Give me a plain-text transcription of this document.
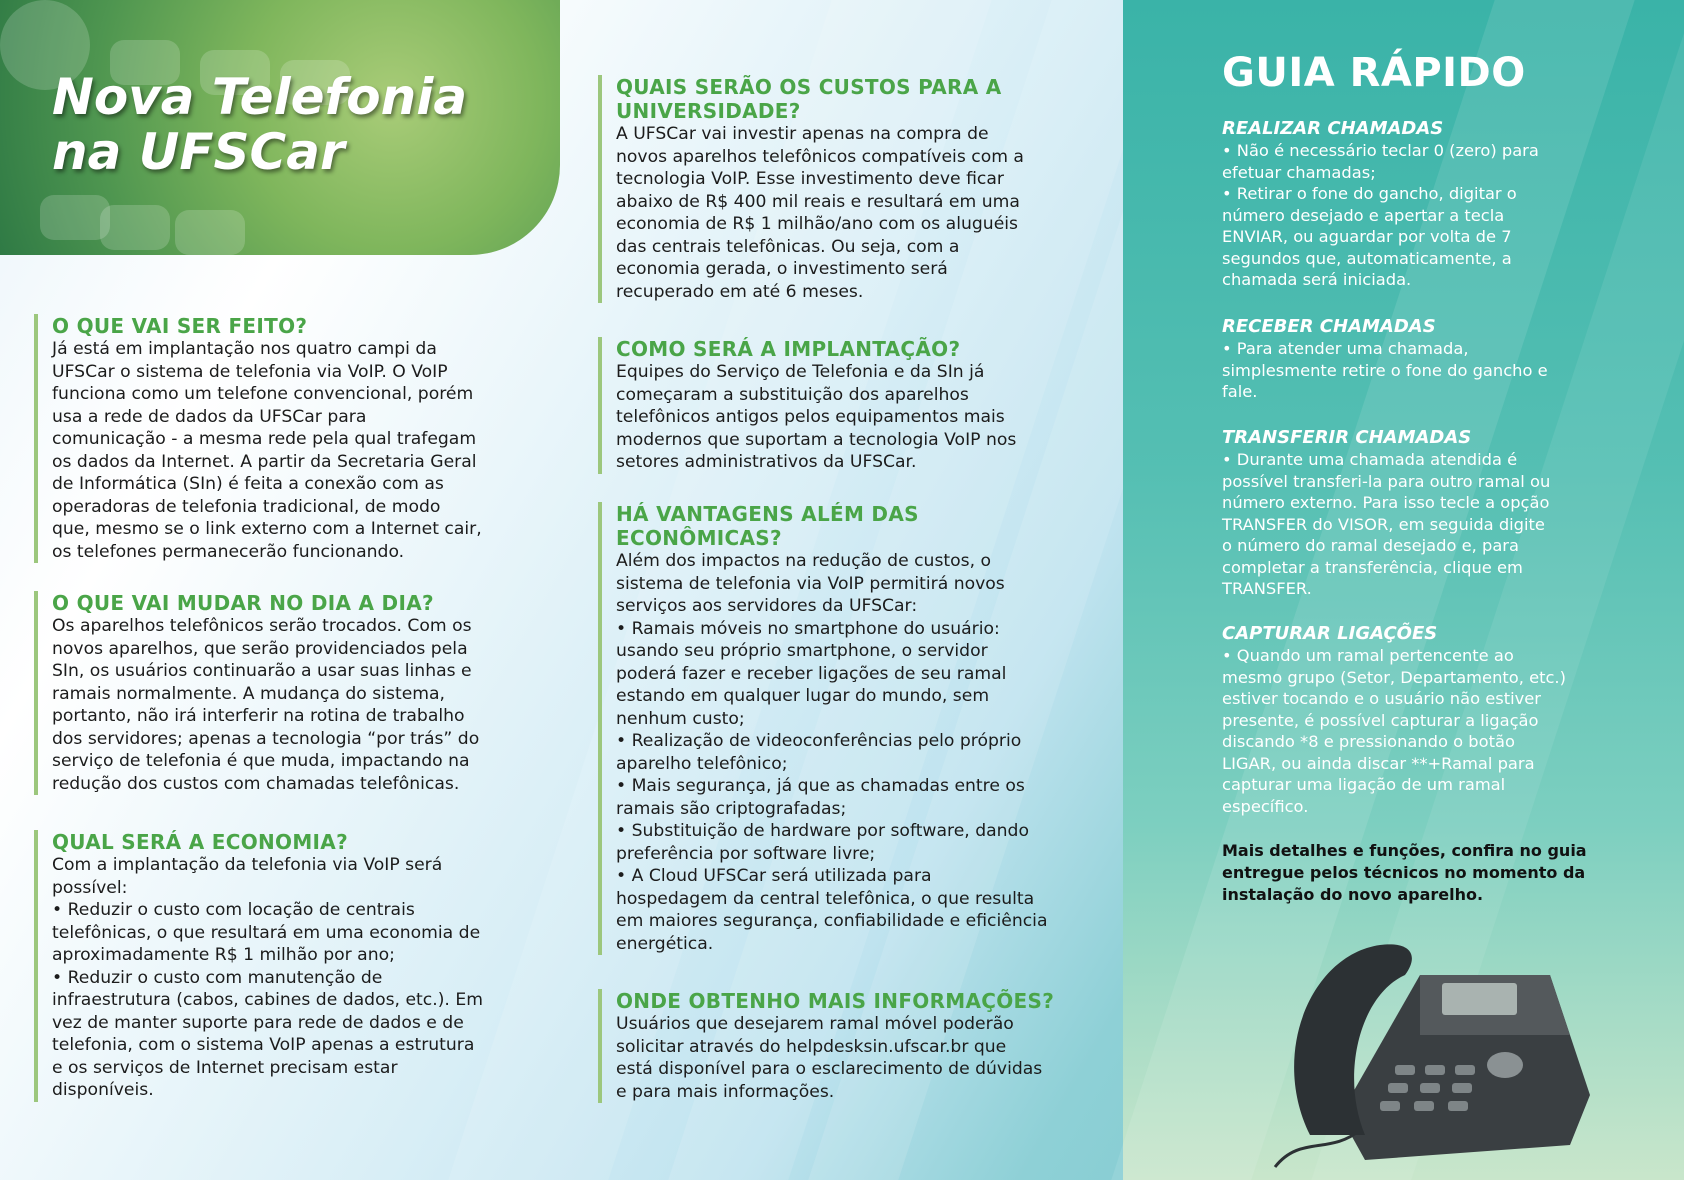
Nova Telefonia
na UFSCar
O QUE VAI SER FEITO?

Já está em implantação nos quatro campi da
UFSCar o sistema de telefonia via VoIP. O VoIP
funciona como um telefone convencional, porém
usa a rede de dados da UFSCar para
comunicação - a mesma rede pela qual trafegam
os dados da Internet. A partir da Secretaria Geral
de Informática (SIn) é feita a conexão com as
operadoras de telefonia tradicional, de modo
que, mesmo se o link externo com a Internet cair,
os telefones permanecerão funcionando.

O QUE VAI MUDAR NO DIA A DIA?

Os aparelhos telefônicos serão trocados. Com os
novos aparelhos, que serão providenciados pela
SIn, os usuários continuarão a usar suas linhas e
ramais normalmente. A mudança do sistema,
portanto, não irá interferir na rotina de trabalho
dos servidores; apenas a tecnologia “por trás” do
serviço de telefonia é que muda, impactando na
redução dos custos com chamadas telefônicas.

QUAL SERÁ A ECONOMIA?

Com a implantação da telefonia via VoIP será
possível:
• Reduzir o custo com locação de centrais
telefônicas, o que resultará em uma economia de
aproximadamente R$ 1 milhão por ano;
• Reduzir o custo com manutenção de
infraestrutura (cabos, cabines de dados, etc.). Em
vez de manter suporte para rede de dados e de
telefonia, com o sistema VoIP apenas a estrutura
e os serviços de Internet precisam estar
disponíveis.

QUAIS SERÃO OS CUSTOS PARA A
UNIVERSIDADE?

A UFSCar vai investir apenas na compra de
novos aparelhos telefônicos compatíveis com a
tecnologia VoIP. Esse investimento deve ficar
abaixo de R$ 400 mil reais e resultará em uma
economia de R$ 1 milhão/ano com os aluguéis
das centrais telefônicas. Ou seja, com a
economia gerada, o investimento será
recuperado em até 6 meses.

COMO SERÁ A IMPLANTAÇÃO?

Equipes do Serviço de Telefonia e da SIn já
começaram a substituição dos aparelhos
telefônicos antigos pelos equipamentos mais
modernos que suportam a tecnologia VoIP nos
setores administrativos da UFSCar.

HÁ VANTAGENS ALÉM DAS
ECONÔMICAS?

Além dos impactos na redução de custos, o
sistema de telefonia via VoIP permitirá novos
serviços aos servidores da UFSCar:
• Ramais móveis no smartphone do usuário:
usando seu próprio smartphone, o servidor
poderá fazer e receber ligações de seu ramal
estando em qualquer lugar do mundo, sem
nenhum custo;
• Realização de videoconferências pelo próprio
aparelho telefônico;
• Mais segurança, já que as chamadas entre os
ramais são criptografadas;
• Substituição de hardware por software, dando
preferência por software livre;
• A Cloud UFSCar será utilizada para
hospedagem da central telefônica, o que resulta
em maiores segurança, confiabilidade e eficiência
energética.

ONDE OBTENHO MAIS INFORMAÇÕES?

Usuários que desejarem ramal móvel poderão
solicitar através do helpdesksin.ufscar.br que
está disponível para o esclarecimento de dúvidas
e para mais informações.

GUIA RÁPIDO
REALIZAR CHAMADAS

• Não é necessário teclar 0 (zero) para
efetuar chamadas;
• Retirar o fone do gancho, digitar o
número desejado e apertar a tecla
ENVIAR, ou aguardar por volta de 7
segundos que, automaticamente, a
chamada será iniciada.

RECEBER CHAMADAS

• Para atender uma chamada,
simplesmente retire o fone do gancho e
fale.

TRANSFERIR CHAMADAS

• Durante uma chamada atendida é
possível transferi-la para outro ramal ou
número externo. Para isso tecle a opção
TRANSFER do VISOR, em seguida digite
o número do ramal desejado e, para
completar a transferência, clique em
TRANSFER.

CAPTURAR LIGAÇÕES

• Quando um ramal pertencente ao
mesmo grupo (Setor, Departamento, etc.)
estiver tocando e o usuário não estiver
presente, é possível capturar a ligação
discando *8 e pressionando o botão
LIGAR, ou ainda discar **+Ramal para
capturar uma ligação de um ramal
específico.

Mais detalhes e funções, confira no guia
entregue pelos técnicos no momento da
instalação do novo aparelho.
